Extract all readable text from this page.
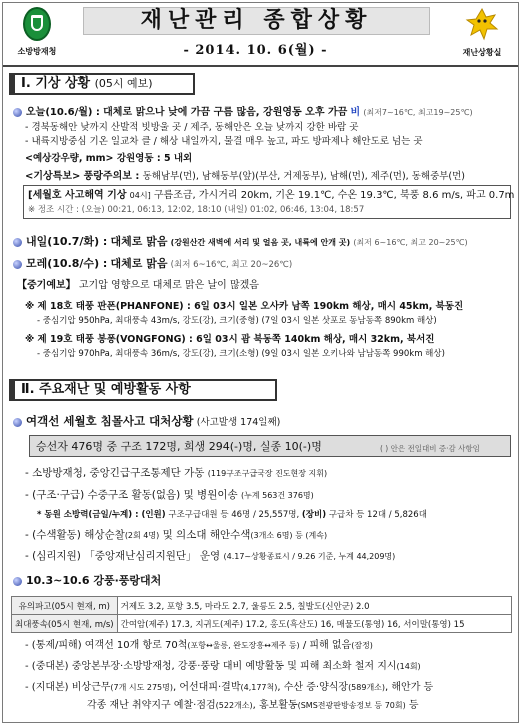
소방방재청
재난관리 종합상황
- 2014. 10. 6(월) -	재난상황실
Ⅰ. 기상 상황 (05시 예보)
오늘(10.6/월) : 대체로 맑으나 낮에 가끔 구름 많음, 강원영동 오후 가끔 비 (최저7~16℃, 최고19~25℃)
- 경북동해안 낮까지 산발적 빗방울 곳 / 제주, 동해안은 오늘 낮까지 강한 바람 곳
- 내륙지방중심 기온 일교차 클 / 해상 내일까지, 물결 매우 높고, 파도 방파제나 해안도로 넘는 곳
<예상강우량, mm> 강원영동 : 5 내외
<기상특보> 풍랑주의보 : 동해남부(먼), 남해동부(앞)(부산, 거제동부), 남해(먼), 제주(먼), 동해중부(먼)
[세월호 사고해역 기상 04시] 구름조금, 가시거리 20km, 기온 19.1℃, 수온 19.3℃, 북풍 8.6 m/s, 파고 0.7m
※ 정조 시간 : (오늘) 00:21, 06:13, 12:02, 18:10 (내일) 01:02, 06:46, 13:04, 18:57
내일(10.7/화) : 대체로 맑음 (강원산간 새벽에 서리 및 얼음 곳, 내륙에 안개 곳) (최저 6~16℃, 최고 20~25℃)
모레(10.8/수) : 대체로 맑음 (최저 6~16℃, 최고 20~26℃)
【중기예보】 고기압 영향으로 대체로 맑은 날이 많겠음
※ 제 18호 태풍 판폰(PHANFONE) : 6일 03시 일본 오사카 남쪽 190km 해상, 매시 45km, 북동진
- 중심기압 950hPa, 최대풍속 43m/s, 강도(강), 크기(중형) (7일 03시 일본 삿포로 동남동쪽 890km 해상)
※ 제 19호 태풍 봉퐁(VONGFONG) : 6일 03시 괌 북동쪽 140km 해상, 매시 32km, 북서진
- 중심기압 970hPa, 최대풍속 36m/s, 강도(강), 크기(소형) (9일 03시 일본 오키나와 남남동쪽 990km 해상)
Ⅱ. 주요재난 및 예방활동 사항
여객선 세월호 침몰사고 대처상황 (사고발생 174일째)
승선자 476명 중 구조 172명, 희생 294(-)명, 실종 10(-)명	( ) 안은 전일대비 증·감 사항임
- 소방방재청, 중앙긴급구조통제단 가동 (119구조구급국장 진도현장 지휘)
- (구조·구급) 수중구조 활동(없음) 및 병원이송 (누계 563건 376명)
* 동원 소방력(금일/누계) : (인원) 구조구급대원 등 46명 / 25,557명, (장비) 구급차 등 12대 / 5,826대
- (수색활동) 해상순찰(2회 4명) 및 의소대 해안수색(3개소 6명) 등 (계속)
- (심리지원) 「중앙재난심리지원단」 운영 (4.17~상황종료시 / 9.26 기준, 누계 44,209명)
10.3~10.6 강풍·풍랑대처
유의파고(05시 현재, m)	거제도 3.2, 포항 3.5, 마라도 2.7, 울릉도 2.5, 칠발도(신안군) 2.0
최대풍속(05시 현재, m/s)	간여암(제주) 17.3, 지귀도(제주) 17.2, 홍도(흑산도) 16, 매물도(통영) 16, 서이말(통영) 15
- (통제/피해) 여객선 10개 항로 70척(포항↔울릉, 완도장흥↔제주 등) / 피해 없음(잠정)
- (중대본) 중앙본부장·소방방재청, 강풍·풍랑 대비 예방활동 및 피해 최소화 철저 지시(14회)
- (지대본) 비상근무(7개 시도 275명), 어선대피·결박(4,177척), 수산 증·양식장(589개소), 해안가 등
각종 재난 취약지구 예찰·점검(522개소), 홍보활동(SMS전광판방송정보 등 70회) 등
